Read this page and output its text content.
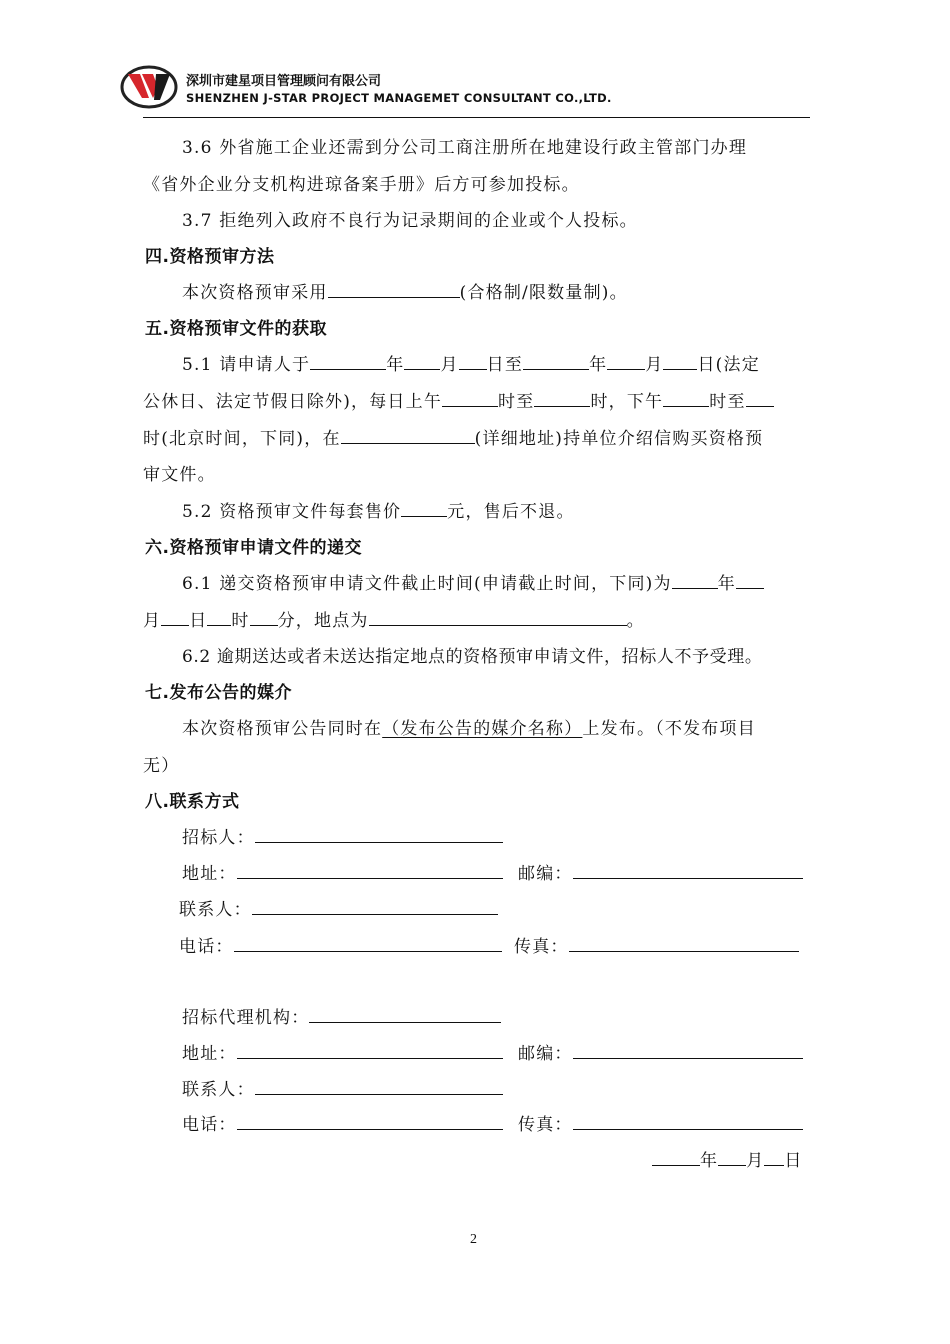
深圳市建星项目管理顾问有限公司
SHENZHEN J-STAR PROJECT MANAGEMET CONSULTANT CO.,LTD.
3.6 外省施工企业还需到分公司工商注册所在地建设行政主管部门办理
《省外企业分支机构进琼备案手册》后方可参加投标。
3.7 拒绝列入政府不良行为记录期间的企业或个人投标。
四.资格预审方法
本次资格预审采用	(合格制/限数量制)。
五.资格预审文件的获取
5.1 请申请人于	年 月 日至	年 月 日(法定
公休日、法定节假日除外)，每日上午	时至	时，下午	时至
时(北京时间，下同)，在	(详细地址)持单位介绍信购买资格预
审文件。
5.2 资格预审文件每套售价	元，售后不退。
六.资格预审申请文件的递交
6.1 递交资格预审申请文件截止时间(申请截止时间，下同)为	年
月 日 时 分，地点为	。
6.2 逾期送达或者未送达指定地点的资格预审申请文件，招标人不予受理。
七.发布公告的媒介
本次资格预审公告同时在（发布公告的媒介名称）上发布。（不发布项目
无）
八.联系方式
招标人：
地址：	邮编：
联系人：
电话：	传真：
招标代理机构：
地址：	邮编：
联系人：
电话：	传真：
年 月 日
2
